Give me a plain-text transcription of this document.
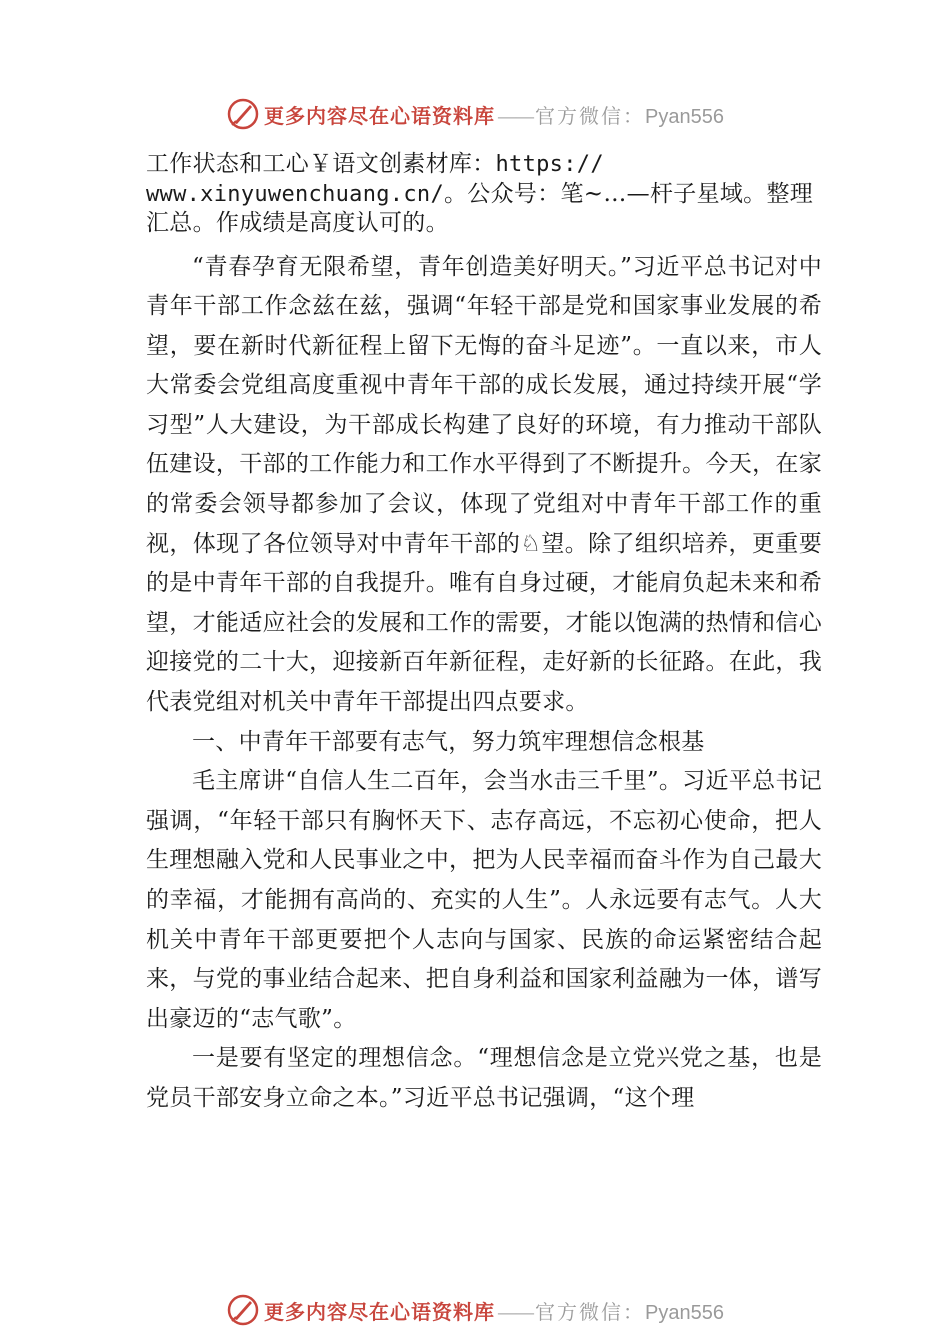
更多内容尽在心语资料库 —— 官方微信： Pyan556

工作状态和工心￥语文创素材库：https://
www.xinyuwenchuang.cn/。公众号：笔~…—杆子星域。整理
汇总。作成绩是高度认可的。

“青春孕育无限希望，青年创造美好明天。”习近平总书记对中青年干部工作念兹在兹，强调“年轻干部是党和国家事业发展的希望，要在新时代新征程上留下无悔的奋斗足迹”。一直以来，市人大常委会党组高度重视中青年干部的成长发展，通过持续开展“学习型”人大建设，为干部成长构建了良好的环境，有力推动干部队伍建设，干部的工作能力和工作水平得到了不断提升。今天，在家的常委会领导都参加了会议，体现了党组对中青年干部工作的重视，体现了各位领导对中青年干部的♘望。除了组织培养，更重要的是中青年干部的自我提升。唯有自身过硬，才能肩负起未来和希望，才能适应社会的发展和工作的需要，才能以饱满的热情和信心迎接党的二十大，迎接新百年新征程，走好新的长征路。在此，我代表党组对机关中青年干部提出四点要求。

一、中青年干部要有志气，努力筑牢理想信念根基

毛主席讲“自信人生二百年，会当水击三千里”。习近平总书记强调，“年轻干部只有胸怀天下、志存高远，不忘初心使命，把人生理想融入党和人民事业之中，把为人民幸福而奋斗作为自己最大的幸福，才能拥有高尚的、充实的人生”。人永远要有志气。人大机关中青年干部更要把个人志向与国家、民族的命运紧密结合起来，与党的事业结合起来、把自身利益和国家利益融为一体，谱写出豪迈的“志气歌”。

一是要有坚定的理想信念。“理想信念是立党兴党之基，也是党员干部安身立命之本。”习近平总书记强调，“这个理

更多内容尽在心语资料库 —— 官方微信： Pyan556
